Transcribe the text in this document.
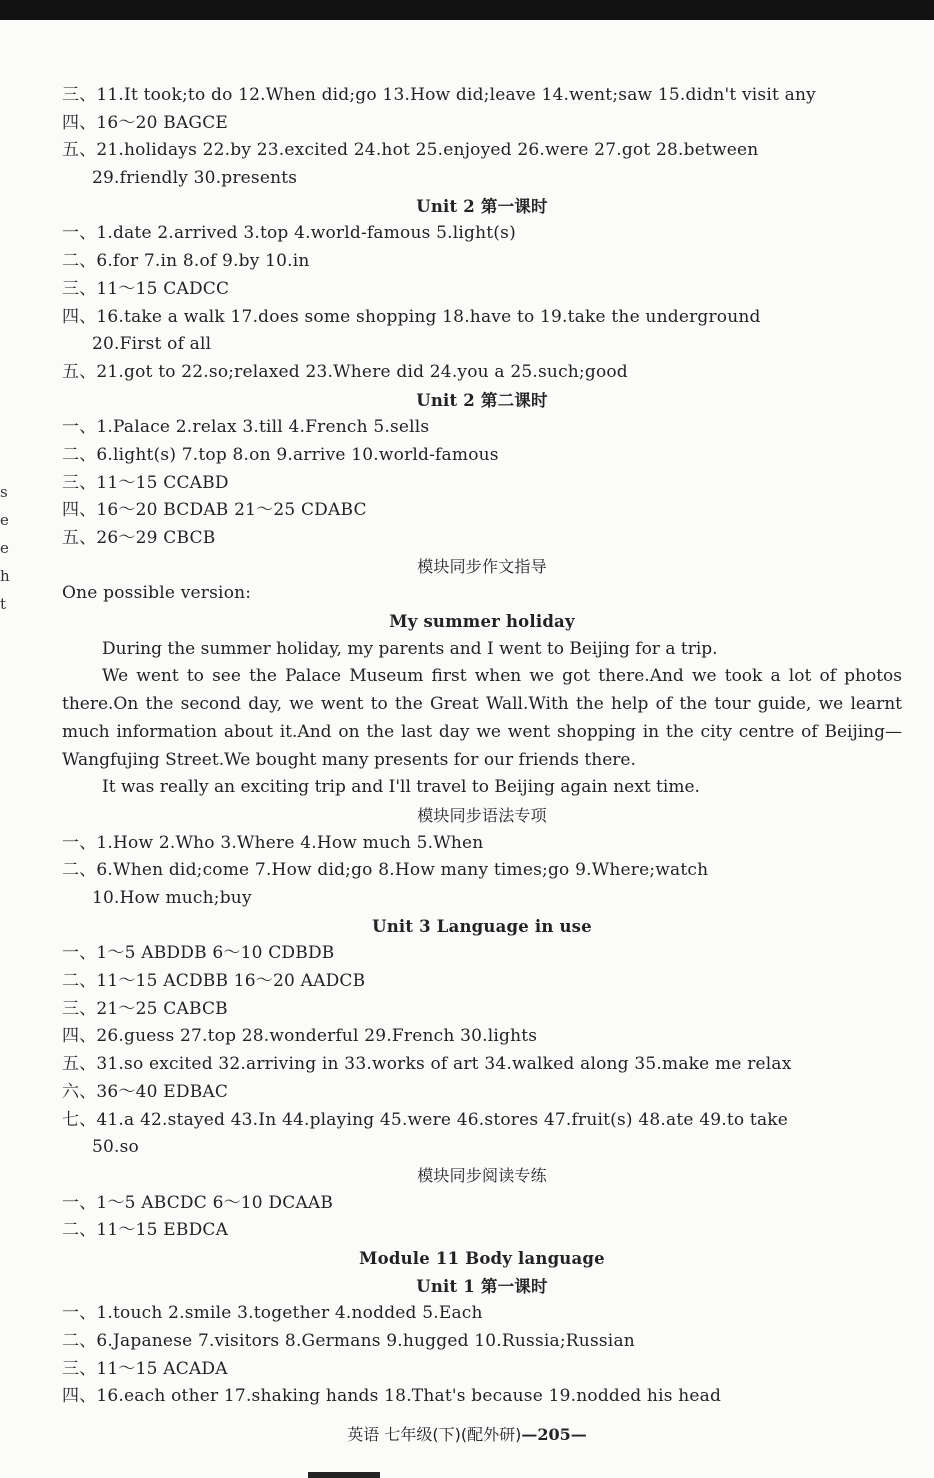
s
e
e
h
t
三、11.It took;to do 12.When did;go 13.How did;leave 14.went;saw 15.didn't visit any
四、16～20 BAGCE
五、21.holidays 22.by 23.excited 24.hot 25.enjoyed 26.were 27.got 28.between
29.friendly 30.presents
Unit 2 第一课时
一、1.date 2.arrived 3.top 4.world-famous 5.light(s)
二、6.for 7.in 8.of 9.by 10.in
三、11～15 CADCC
四、16.take a walk 17.does some shopping 18.have to 19.take the underground
20.First of all
五、21.got to 22.so;relaxed 23.Where did 24.you a 25.such;good
Unit 2 第二课时
一、1.Palace 2.relax 3.till 4.French 5.sells
二、6.light(s) 7.top 8.on 9.arrive 10.world-famous
三、11～15 CCABD
四、16～20 BCDAB 21～25 CDABC
五、26～29 CBCB
模块同步作文指导
One possible version:
My summer holiday
During the summer holiday, my parents and I went to Beijing for a trip.
We went to see the Palace Museum first when we got there.And we took a lot of photos there.On the second day, we went to the Great Wall.With the help of the tour guide, we learnt much information about it.And on the last day we went shopping in the city centre of Beijing—Wangfujing Street.We bought many presents for our friends there.
It was really an exciting trip and I'll travel to Beijing again next time.
模块同步语法专项
一、1.How 2.Who 3.Where 4.How much 5.When
二、6.When did;come 7.How did;go 8.How many times;go 9.Where;watch
10.How much;buy
Unit 3 Language in use
一、1～5 ABDDB 6～10 CDBDB
二、11～15 ACDBB 16～20 AADCB
三、21～25 CABCB
四、26.guess 27.top 28.wonderful 29.French 30.lights
五、31.so excited 32.arriving in 33.works of art 34.walked along 35.make me relax
六、36～40 EDBAC
七、41.a 42.stayed 43.In 44.playing 45.were 46.stores 47.fruit(s) 48.ate 49.to take
50.so
模块同步阅读专练
一、1～5 ABCDC 6～10 DCAAB
二、11～15 EBDCA
Module 11 Body language
Unit 1 第一课时
一、1.touch 2.smile 3.together 4.nodded 5.Each
二、6.Japanese 7.visitors 8.Germans 9.hugged 10.Russia;Russian
三、11～15 ACADA
四、16.each other 17.shaking hands 18.That's because 19.nodded his head
英语 七年级(下)(配外研)—205—
